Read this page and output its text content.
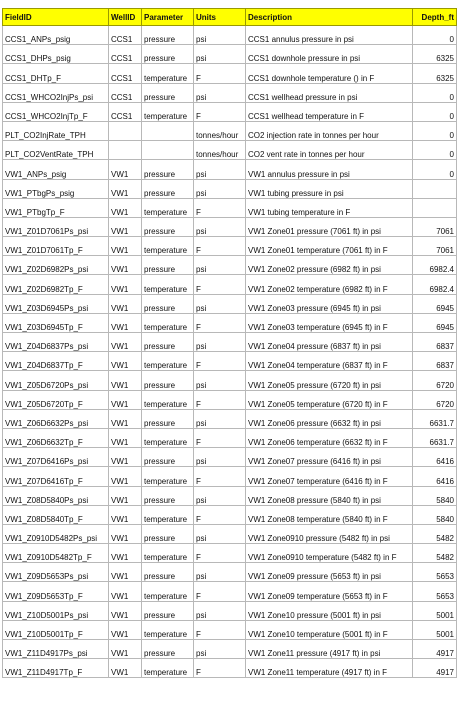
FieldID	WellID	Parameter	Units	Description	Depth_ft
CCS1_ANPs_psig	CCS1	pressure	psi	CCS1 annulus pressure in psi	0
CCS1_DHPs_psig	CCS1	pressure	psi	CCS1 downhole pressure in psi	6325
CCS1_DHTp_F	CCS1	temperature	F	CCS1 downhole temperature () in F	6325
CCS1_WHCO2InjPs_psi	CCS1	pressure	psi	CCS1 wellhead pressure in psi	0
CCS1_WHCO2InjTp_F	CCS1	temperature	F	CCS1 wellhead temperature in F	0
PLT_CO2InjRate_TPH			tonnes/hour	CO2 injection rate in tonnes per hour	0
PLT_CO2VentRate_TPH			tonnes/hour	CO2 vent rate in tonnes per hour	0
VW1_ANPs_psig	VW1	pressure	psi	VW1 annulus pressure in psi	0
VW1_PTbgPs_psig	VW1	pressure	psi	VW1 tubing pressure in psi	
VW1_PTbgTp_F	VW1	temperature	F	VW1 tubing temperature in F	
VW1_Z01D7061Ps_psi	VW1	pressure	psi	VW1 Zone01 pressure (7061 ft) in psi	7061
VW1_Z01D7061Tp_F	VW1	temperature	F	VW1 Zone01 temperature (7061 ft) in F	7061
VW1_Z02D6982Ps_psi	VW1	pressure	psi	VW1 Zone02 pressure (6982 ft) in psi	6982.4
VW1_Z02D6982Tp_F	VW1	temperature	F	VW1 Zone02 temperature (6982 ft) in F	6982.4
VW1_Z03D6945Ps_psi	VW1	pressure	psi	VW1 Zone03 pressure (6945 ft) in psi	6945
VW1_Z03D6945Tp_F	VW1	temperature	F	VW1 Zone03 temperature (6945 ft) in F	6945
VW1_Z04D6837Ps_psi	VW1	pressure	psi	VW1 Zone04 pressure (6837 ft) in psi	6837
VW1_Z04D6837Tp_F	VW1	temperature	F	VW1 Zone04 temperature (6837 ft) in F	6837
VW1_Z05D6720Ps_psi	VW1	pressure	psi	VW1 Zone05 pressure (6720 ft) in psi	6720
VW1_Z05D6720Tp_F	VW1	temperature	F	VW1 Zone05 temperature (6720 ft) in F	6720
VW1_Z06D6632Ps_psi	VW1	pressure	psi	VW1 Zone06 pressure (6632 ft) in psi	6631.7
VW1_Z06D6632Tp_F	VW1	temperature	F	VW1 Zone06 temperature (6632 ft) in F	6631.7
VW1_Z07D6416Ps_psi	VW1	pressure	psi	VW1 Zone07 pressure (6416 ft) in psi	6416
VW1_Z07D6416Tp_F	VW1	temperature	F	VW1 Zone07 temperature (6416 ft) in F	6416
VW1_Z08D5840Ps_psi	VW1	pressure	psi	VW1 Zone08 pressure (5840 ft) in psi	5840
VW1_Z08D5840Tp_F	VW1	temperature	F	VW1 Zone08 temperature (5840 ft) in F	5840
VW1_Z0910D5482Ps_psi	VW1	pressure	psi	VW1 Zone0910 pressure (5482 ft) in psi	5482
VW1_Z0910D5482Tp_F	VW1	temperature	F	VW1 Zone0910 temperature (5482 ft) in F	5482
VW1_Z09D5653Ps_psi	VW1	pressure	psi	VW1 Zone09 pressure (5653 ft) in psi	5653
VW1_Z09D5653Tp_F	VW1	temperature	F	VW1 Zone09 temperature (5653 ft) in F	5653
VW1_Z10D5001Ps_psi	VW1	pressure	psi	VW1 Zone10 pressure (5001 ft) in psi	5001
VW1_Z10D5001Tp_F	VW1	temperature	F	VW1 Zone10 temperature (5001 ft) in F	5001
VW1_Z11D4917Ps_psi	VW1	pressure	psi	VW1 Zone11 pressure (4917 ft) in psi	4917
VW1_Z11D4917Tp_F	VW1	temperature	F	VW1 Zone11 temperature (4917 ft) in F	4917
